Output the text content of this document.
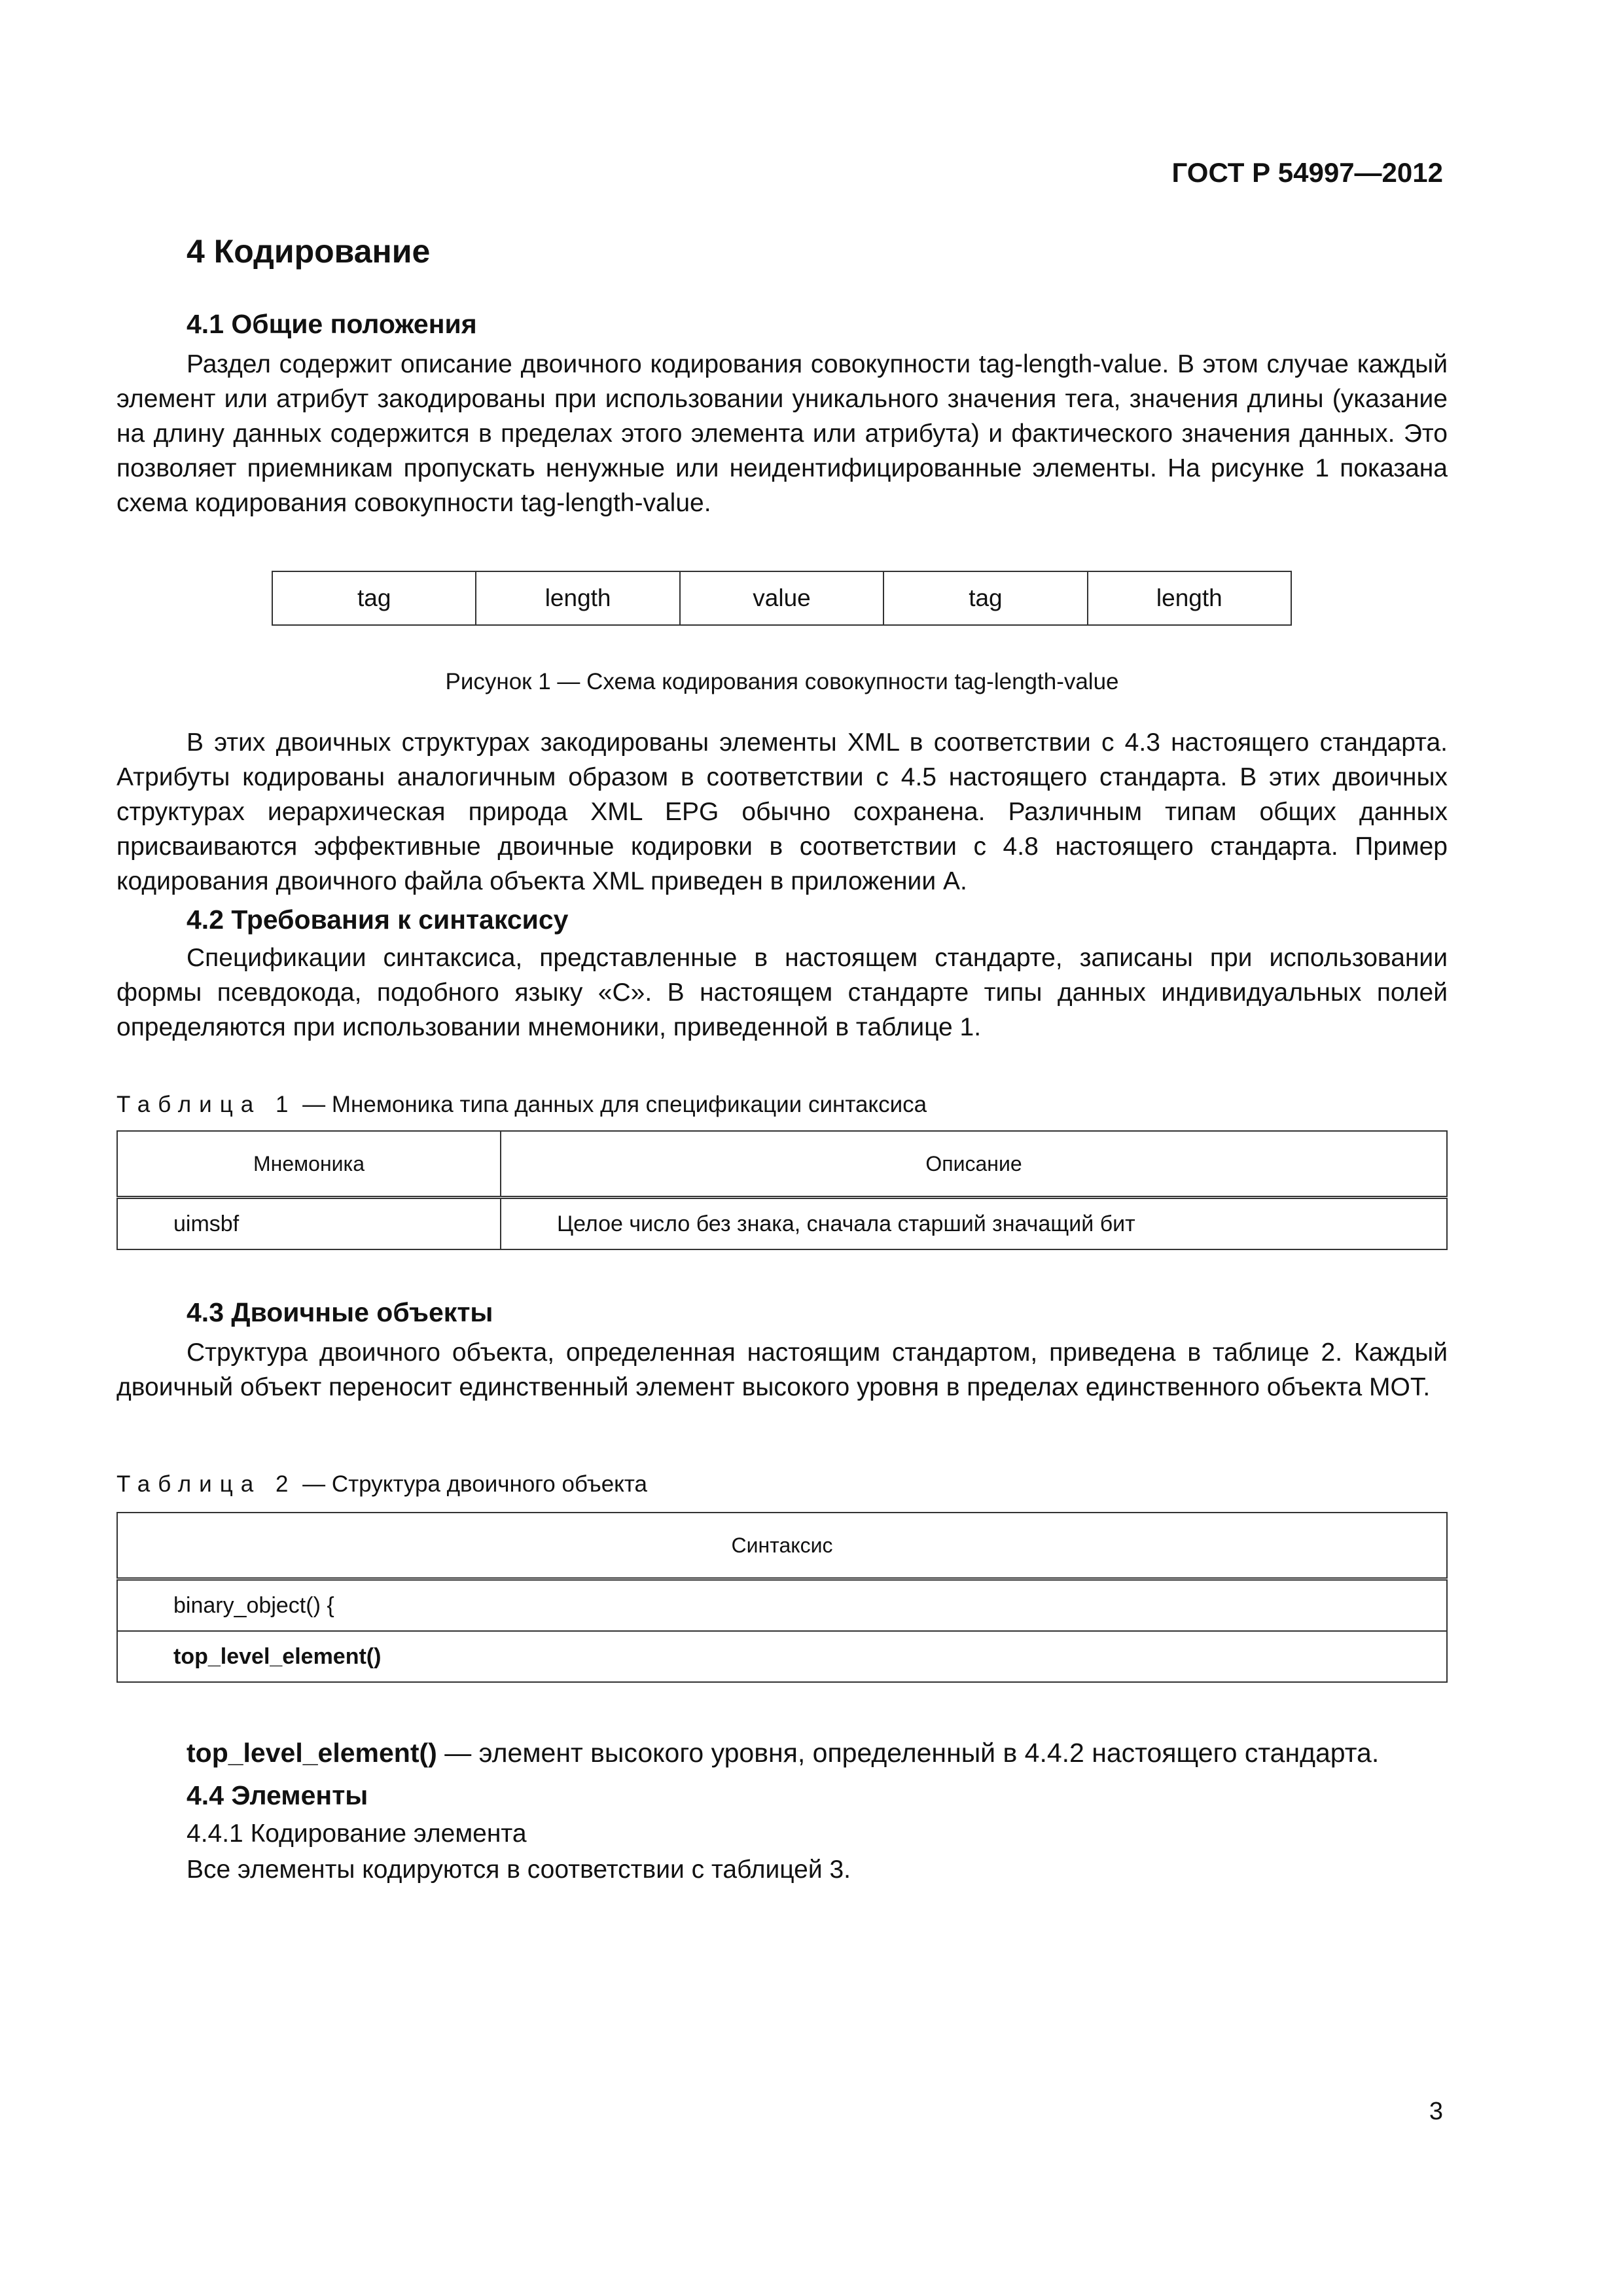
ГОСТ Р 54997—2012
4 Кодирование
4.1 Общие положения

Раздел содержит описание двоичного кодирования совокупности tag-length-value. В этом случае каждый элемент или атрибут закодированы при использовании уникального значения тега, значения длины (указание на длину данных содержится в пределах этого элемента или атрибута) и фактического значения данных. Это позволяет приемникам пропускать ненужные или неидентифицированные элементы. На рисунке 1 показана схема кодирования совокупности tag-length-value.

tag	length	value	tag	length
Рисунок 1 — Схема кодирования совокупности tag-length-value

В этих двоичных структурах закодированы элементы XML в соответствии с 4.3 настоящего стандарта. Атрибуты кодированы аналогичным образом в соответствии с 4.5 настоящего стандарта. В этих двоичных структурах иерархическая природа XML EPG обычно сохранена. Различным типам общих данных присваиваются эффективные двоичные кодировки в соответствии с 4.8 настоящего стандарта. Пример кодирования двоичного файла объекта XML приведен в приложении А.

4.2 Требования к синтаксису

Спецификации синтаксиса, представленные в настоящем стандарте, записаны при использовании формы псевдокода, подобного языку «С». В настоящем стандарте типы данных индивидуальных полей определяются при использовании мнемоники, приведенной в таблице 1.

Таблица 1 — Мнемоника типа данных для спецификации синтаксиса
Мнемоника	Описание
uimsbf	Целое число без знака, сначала старший значащий бит
4.3 Двоичные объекты

Структура двоичного объекта, определенная настоящим стандартом, приведена в таблице 2. Каждый двоичный объект переносит единственный элемент высокого уровня в пределах единственного объекта МОТ.

Таблица 2 — Структура двоичного объекта
Синтаксис
binary_object() {
top_level_element()
top_level_element() — элемент высокого уровня, определенный в 4.4.2 настоящего стандарта.
4.4 Элементы
4.4.1 Кодирование элемента
Все элементы кодируются в соответствии с таблицей 3.
3
